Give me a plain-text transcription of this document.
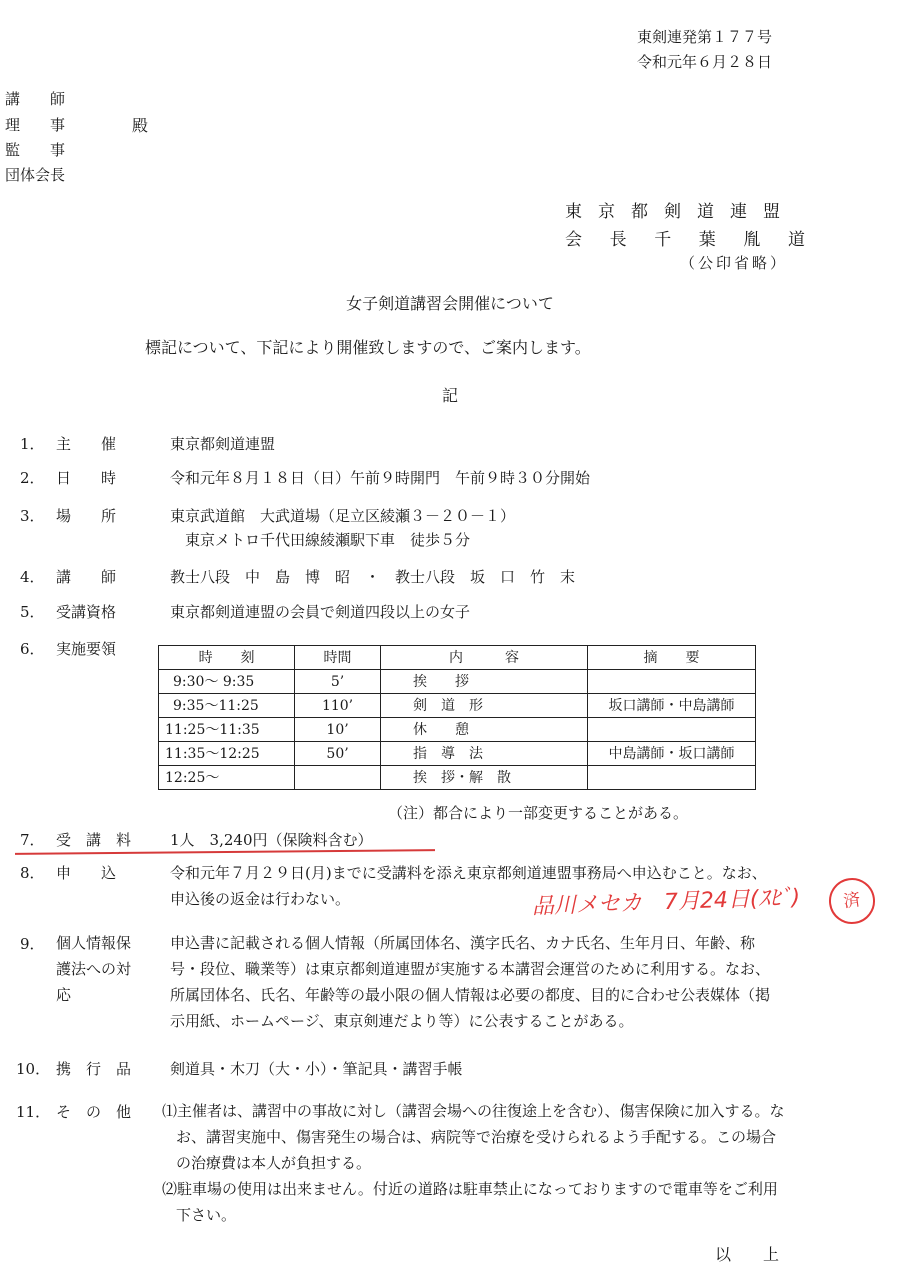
東剣連発第１７７号
令和元年６月２８日
講　　師
理　　事
監　　事
団体会長
殿
東京都剣道連盟
会 長 千 葉 胤 道
（公印省略）
女子剣道講習会開催について
標記について、下記により開催致しますので、ご案内します。
記
1． 主　　催	東京都剣道連盟
2． 日　　時	令和元年８月１８日（日）午前９時開門　午前９時３０分開始
3． 場　　所	東京武道館　大武道場（足立区綾瀬３－２０－１）
東京メトロ千代田線綾瀬駅下車　徒歩５分
4． 講　　師	教士八段　中　島　博　昭　・　教士八段　坂　口　竹　末
5． 受講資格	東京都剣道連盟の会員で剣道四段以上の女子
6． 実施要領	時　　刻	時間	内　　　容	摘　　要
9:30～ 9:35	5’	挨　　拶	
9:35～11:25	110’	剣　道　形	坂口講師・中島講師
11:25～11:35	10’	休　　憩	
11:35～12:25	50’	指　導　法	中島講師・坂口講師
12:25～		挨　拶・解　散	
（注）都合により一部変更することがある。
7． 受　講　料	1人　3,240円（保険料含む）
8． 申　　込	令和元年７月２９日(月)までに受講料を添え東京都剣道連盟事務局へ申込むこと。なお、申込後の返金は行わない。	品川メセカ　7月24日(ｽﾋﾞ)	済
9． 個人情報保護法への対応
申込書に記載される個人情報（所属団体名、漢字氏名、カナ氏名、生年月日、年齢、称号・段位、職業等）は東京都剣道連盟が実施する本講習会運営のために利用する。なお、所属団体名、氏名、年齢等の最小限の個人情報は必要の都度、目的に合わせ公表媒体（掲示用紙、ホームページ、東京剣連だより等）に公表することがある。
10． 携　行　品	剣道具・木刀（大・小）・筆記具・講習手帳
11． そ　の　他	⑴主催者は、講習中の事故に対し（講習会場への往復途上を含む）、傷害保険に加入する。なお、講習実施中、傷害発生の場合は、病院等で治療を受けられるよう手配する。この場合の治療費は本人が負担する。
⑵駐車場の使用は出来ません。付近の道路は駐車禁止になっておりますので電車等をご利用下さい。
以　　上
